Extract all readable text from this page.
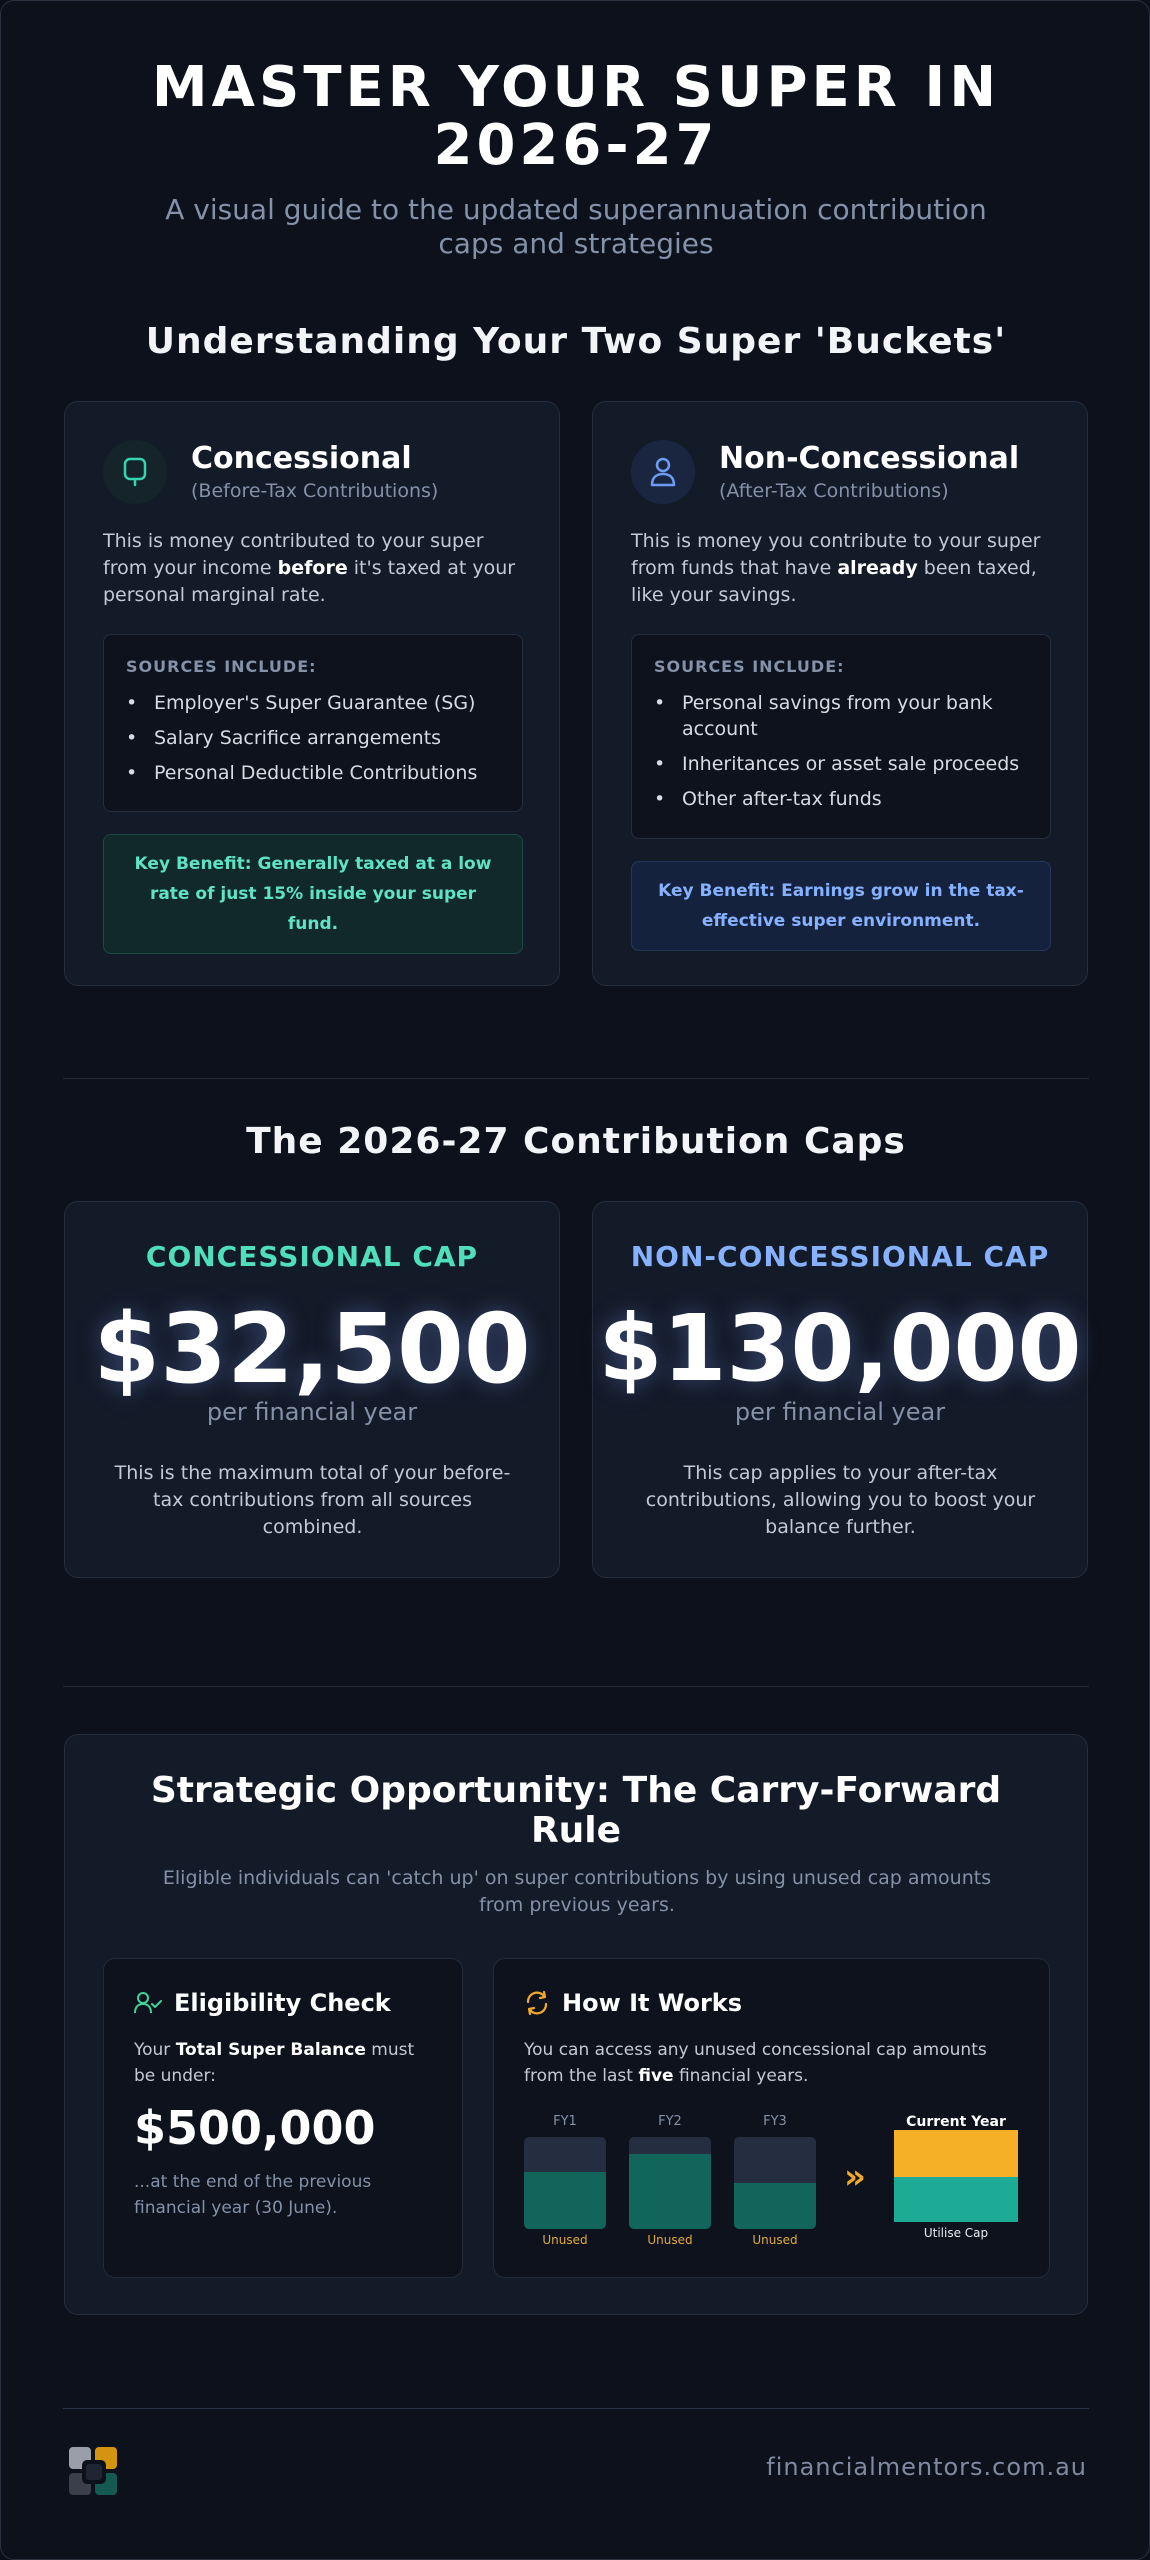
MASTER YOUR SUPER IN 2026-27

A visual guide to the updated superannuation contribution caps and strategies

Understanding Your Two Super 'Buckets'
Concessional
(Before-Tax Contributions)
This is money contributed to your super from your income before it's taxed at your personal marginal rate.
SOURCES INCLUDE:
• Employer's Super Guarantee (SG)
• Salary Sacrifice arrangements
• Personal Deductible Contributions
Key Benefit: Generally taxed at a low rate of just 15% inside your super fund.
Non-Concessional
(After-Tax Contributions)
This is money you contribute to your super from funds that have already been taxed, like your savings.
SOURCES INCLUDE:
• Personal savings from your bank account
• Inheritances or asset sale proceeds
• Other after-tax funds
Key Benefit: Earnings grow in the tax-effective super environment.
The 2026-27 Contribution Caps
CONCESSIONAL CAP
$32,500
per financial year
This is the maximum total of your before-tax contributions from all sources combined.
NON-CONCESSIONAL CAP
$130,000
per financial year
This cap applies to your after-tax contributions, allowing you to boost your balance further.
Strategic Opportunity: The Carry-Forward Rule
Eligible individuals can 'catch up' on super contributions by using unused cap amounts from previous years.
Eligibility Check
Your Total Super Balance must be under:
$500,000
...at the end of the previous financial year (30 June).
How It Works
You can access any unused concessional cap amounts from the last five financial years.
FY1
Unused
FY2
Unused
FY3
Unused
»
Current Year
Utilise Cap
financialmentors.com.au
